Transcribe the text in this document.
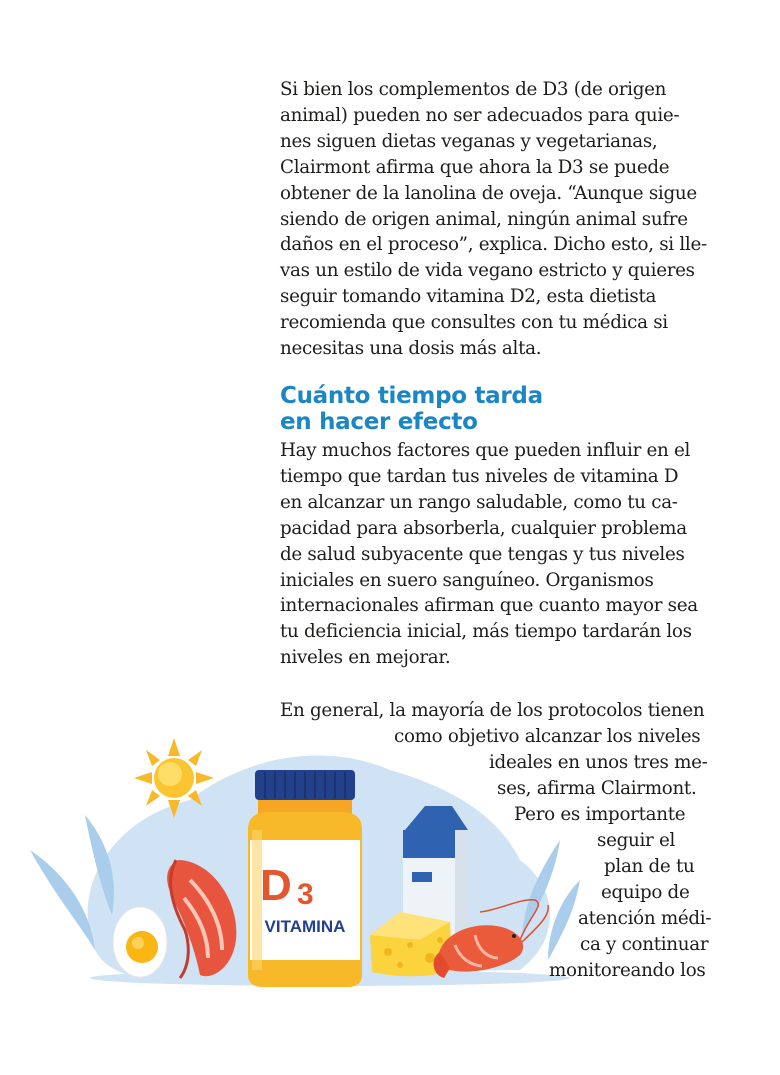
Si bien los complementos de D3 (de origen
animal) pueden no ser adecuados para quie-
nes siguen dietas veganas y vegetarianas,
Clairmont afirma que ahora la D3 se puede
obtener de la lanolina de oveja. “Aunque sigue
siendo de origen animal, ningún animal sufre
daños en el proceso”, explica. Dicho esto, si lle-
vas un estilo de vida vegano estricto y quieres
seguir tomando vitamina D2, esta dietista
recomienda que consultes con tu médica si
necesitas una dosis más alta.
Cuánto tiempo tarda
en hacer efecto
Hay muchos factores que pueden influir en el
tiempo que tardan tus niveles de vitamina D
en alcanzar un rango saludable, como tu ca-
pacidad para absorberla, cualquier problema
de salud subyacente que tengas y tus niveles
iniciales en suero sanguíneo. Organismos
internacionales afirman que cuanto mayor sea
tu deficiencia inicial, más tiempo tardarán los
niveles en mejorar.
D 3
VITAMINA
En general, la mayoría de los protocolos tienen
como objetivo alcanzar los niveles
ideales en unos tres me-
ses, afirma Clairmont.
Pero es importante
seguir el
plan de tu
equipo de
atención médi-
ca y continuar
monitoreando los
